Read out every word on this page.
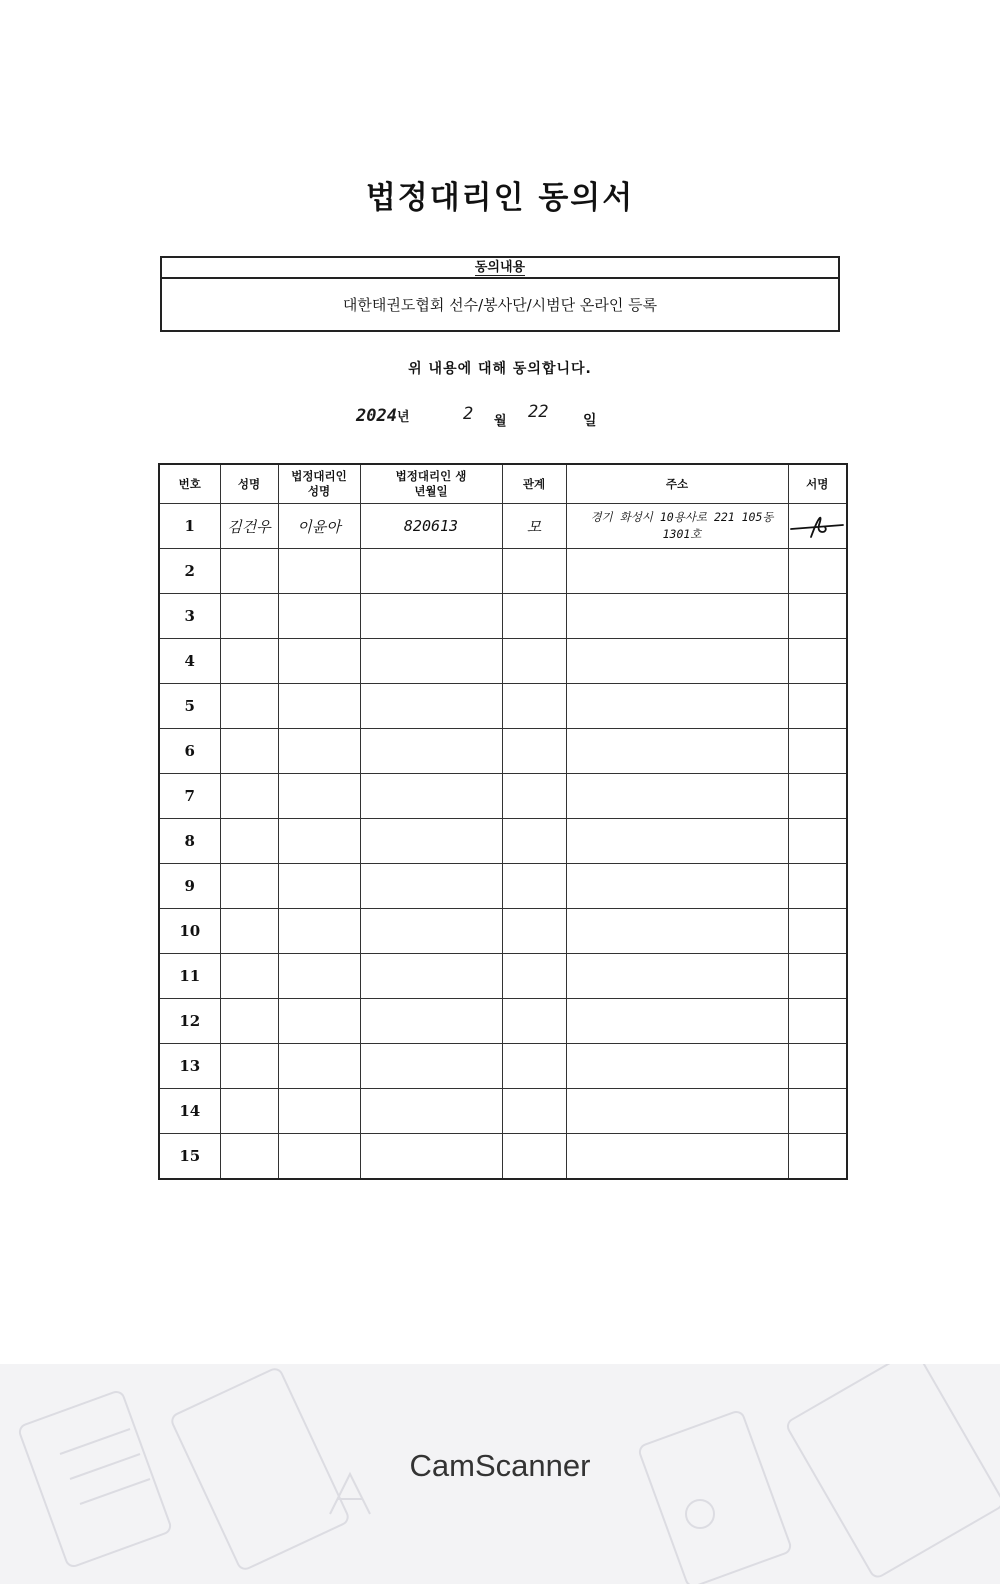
법정대리인 동의서
동의내용
대한태권도협회 선수/봉사단/시범단 온라인 등록
위 내용에 대해 동의합니다.
2024년	2 월 22 일
번호	성명	법정대리인 성명	법정대리인 생년월일	관계	주소	서명
1	김건우	이윤아	820613	모	경기 화성시 10용사로 221 105동 1301호	

2						
3						
4						
5						
6						
7						
8						
9						
10						
11						
12						
13						
14						
15						
CamScanner
